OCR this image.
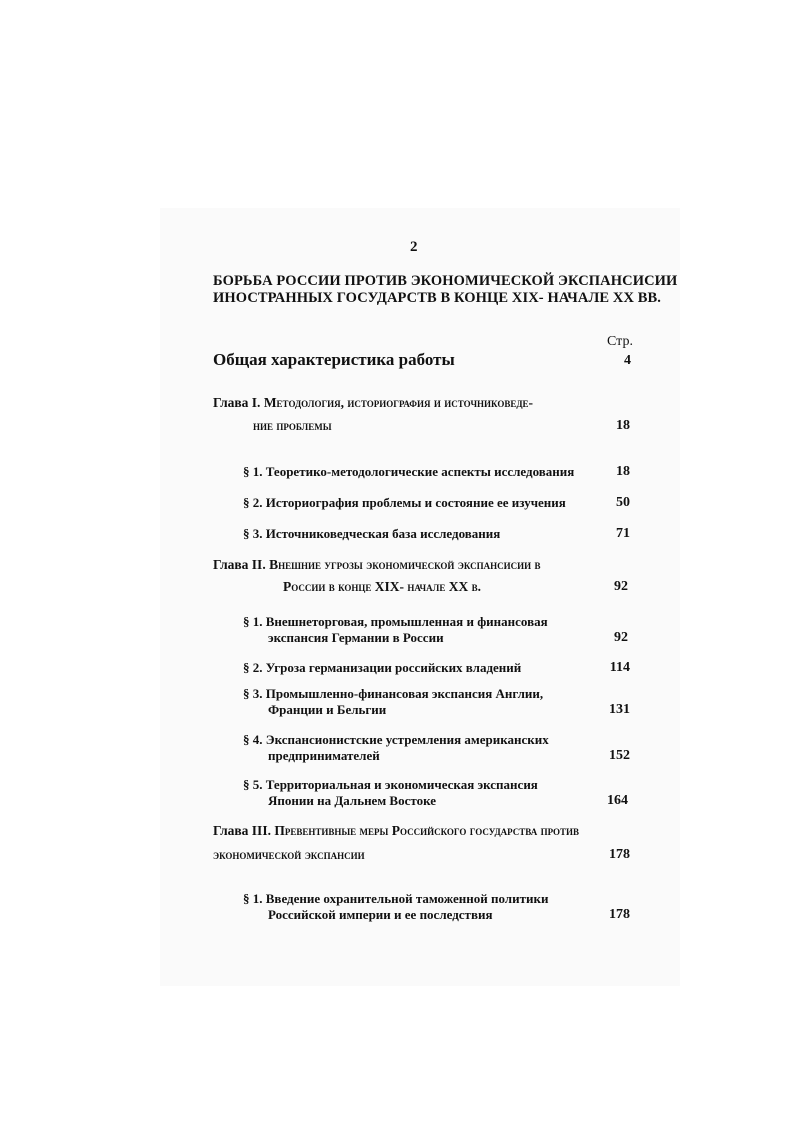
2
БОРЬБА РОССИИ ПРОТИВ ЭКОНОМИЧЕСКОЙ ЭКСПАНСИСИИ
ИНОСТРАННЫХ ГОСУДАРСТВ В КОНЦЕ XIX- НАЧАЛЕ XX ВВ.
Стр.
Общая характеристика работы	4
Глава I. Методология, историография и источниковеде-
ние проблемы	18
§ 1. Теоретико-методологические аспекты исследования	18
§ 2. Историография проблемы и состояние ее изучения	50
§ 3. Источниковедческая база исследования	71
Глава II. Внешние угрозы экономической экспансисии в
России в конце XIX- начале XX в.	92
§ 1. Внешнеторговая, промышленная и финансовая
экспансия Германии в России	92
§ 2. Угроза германизации российских владений	114
§ 3. Промышленно-финансовая экспансия Англии,
Франции и Бельгии	131
§ 4. Экспансионистские устремления американских
предпринимателей	152
§ 5. Территориальная и экономическая экспансия
Японии на Дальнем Востоке	164
Глава III. Превентивные меры Российского государства против
экономической экспансии	178
§ 1. Введение охранительной таможенной политики
Российской империи и ее последствия	178
